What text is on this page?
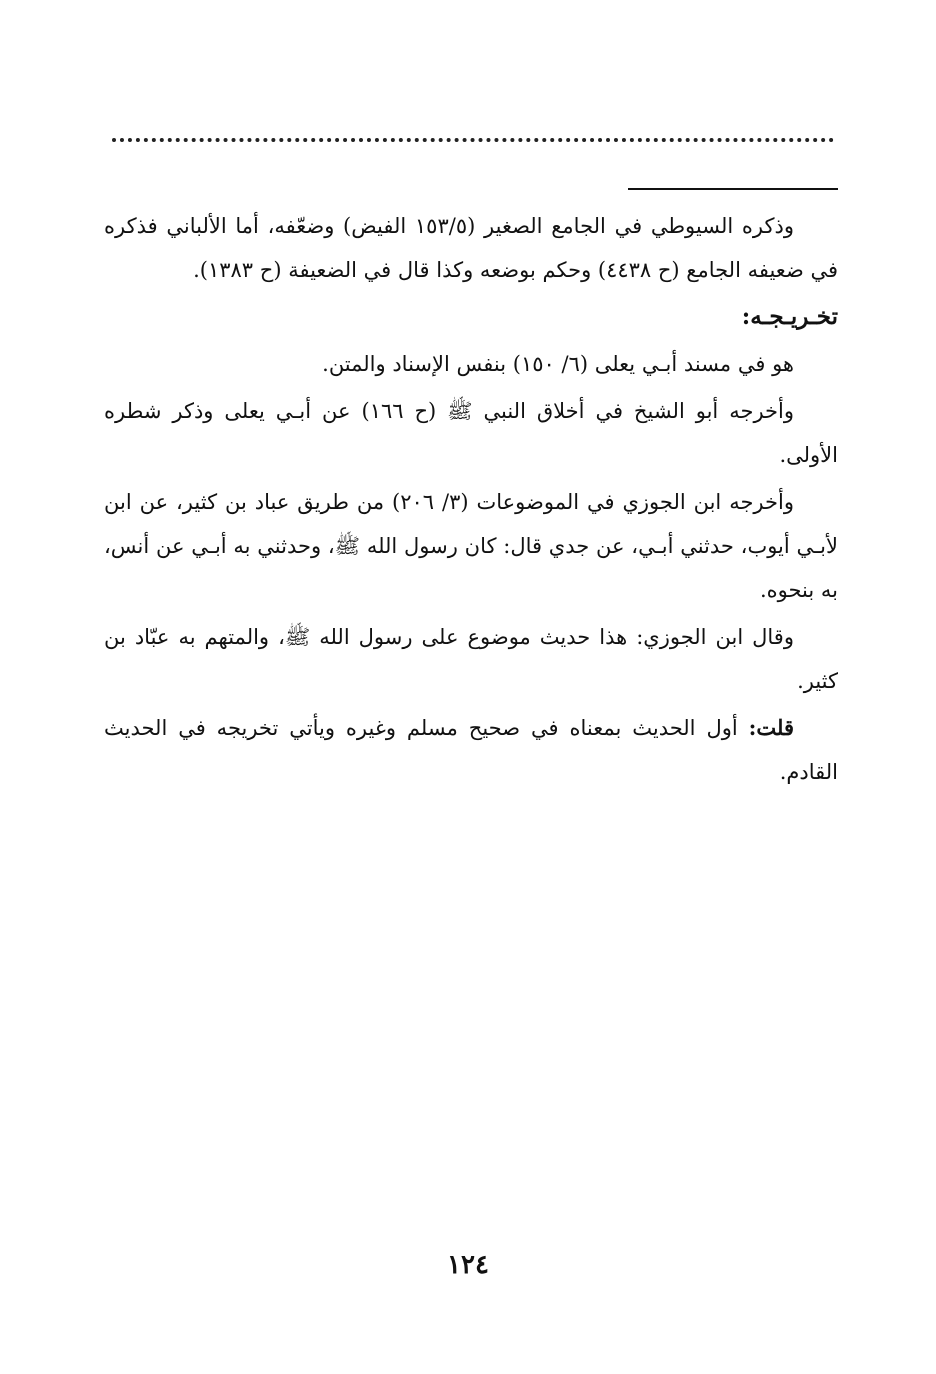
وذكره السيوطي في الجامع الصغير (١٥٣/٥ الفيض) وضعّفه، أما الألباني فذكره في ضعيفه الجامع (ح ٤٤٣٨) وحكم بوضعه وكذا قال في الضعيفة (ح ١٣٨٣).

تخـريـجـه:

هو في مسند أبـي يعلى (٦/ ١٥٠) بنفس الإسناد والمتن.

وأخرجه أبو الشيخ في أخلاق النبي ﷺ (ح ١٦٦) عن أبـي يعلى وذكر شطره الأولى.

وأخرجه ابن الجوزي في الموضوعات (٣/ ٢٠٦) من طريق عباد بن كثير، عن ابن لأبـي أيوب، حدثني أبـي، عن جدي قال: كان رسول الله ﷺ، وحدثني به أبـي عن أنس، به بنحوه.

وقال ابن الجوزي: هذا حديث موضوع على رسول الله ﷺ، والمتهم به عبّاد بن كثير.

قلت: أول الحديث بمعناه في صحيح مسلم وغيره ويأتي تخريجه في الحديث القادم.

١٢٤
